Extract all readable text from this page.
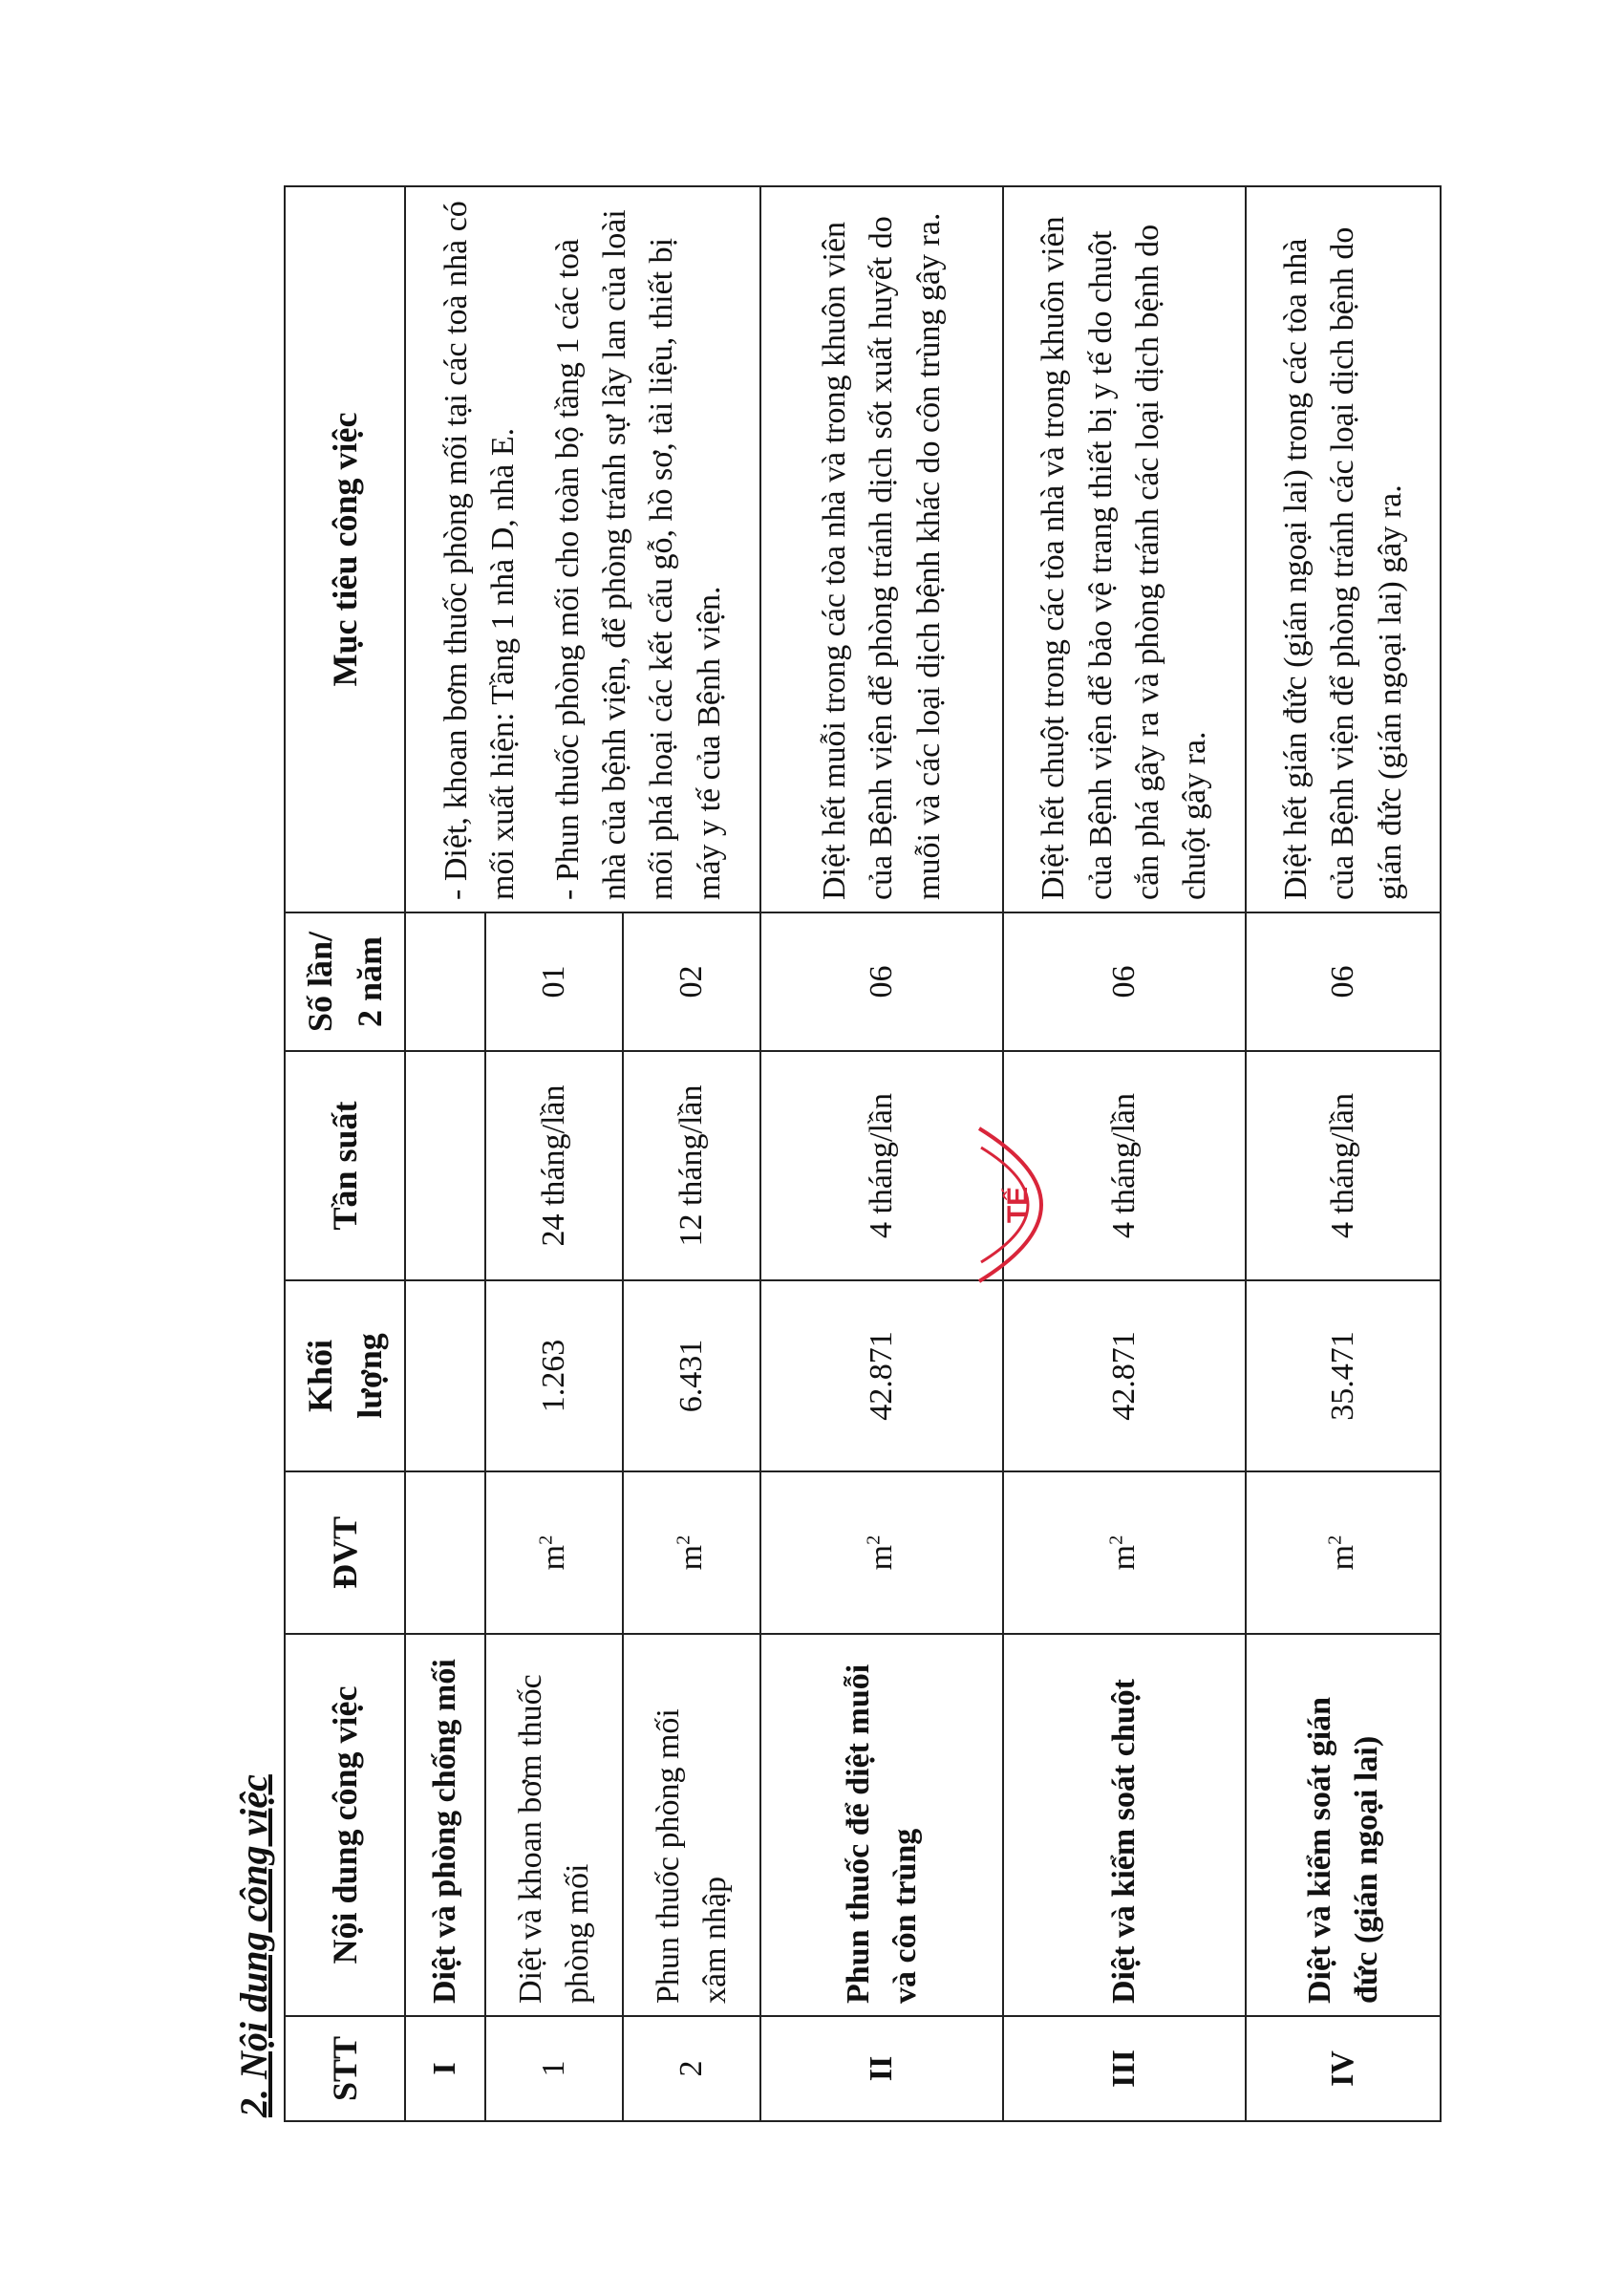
2. Nội dung công việc STT	Nội dung công việc	ĐVT	Khối lượng	Tần suất	Số lần/ 2 năm	Mục tiêu công việc
I	Diệt và phòng chống mối					- Diệt, khoan bơm thuốc phòng mối tại các toà nhà có mối xuất hiện: Tầng 1 nhà D, nhà E. - Phun thuốc phòng mối cho toàn bộ tầng 1 các toà nhà của bệnh viện, để phòng tránh sự lây lan của loài mối phá hoại các kết cấu gỗ, hồ sơ, tài liệu, thiết bị máy y tế của Bệnh viện.

1	Diệt và khoan bơm thuốc phòng mối	$m^2$	1.263	24 tháng/lần	01	
2	Phun thuốc phòng mối xâm nhập	$m^2$	6.431	12 tháng/lần	02	
II	Phun thuốc để diệt muỗi và côn trùng	$m^2$	42.871	4 tháng/lần	06	Diệt hết muỗi trong các tòa nhà và trong khuôn viên của Bệnh viện để phòng tránh dịch sốt xuất huyết do muỗi và các loại dịch bệnh khác do côn trùng gây ra.
III	Diệt và kiểm soát chuột	$m^2$	42.871	4 tháng/lần	06	Diệt hết chuột trong các tòa nhà và trong khuôn viên của Bệnh viện để bảo vệ trang thiết bị y tế do chuột cắn phá gây ra và phòng tránh các loại dịch bệnh do chuột gây ra.
IV	Diệt và kiểm soát gián đức (gián ngoại lai)	$m^2$	35.471	4 tháng/lần	06	Diệt hết gián đức (gián ngoại lai) trong các tòa nhà của Bệnh viện để phòng tránh các loại dịch bệnh do gián đức (gián ngoại lai) gây ra.
TẾ
